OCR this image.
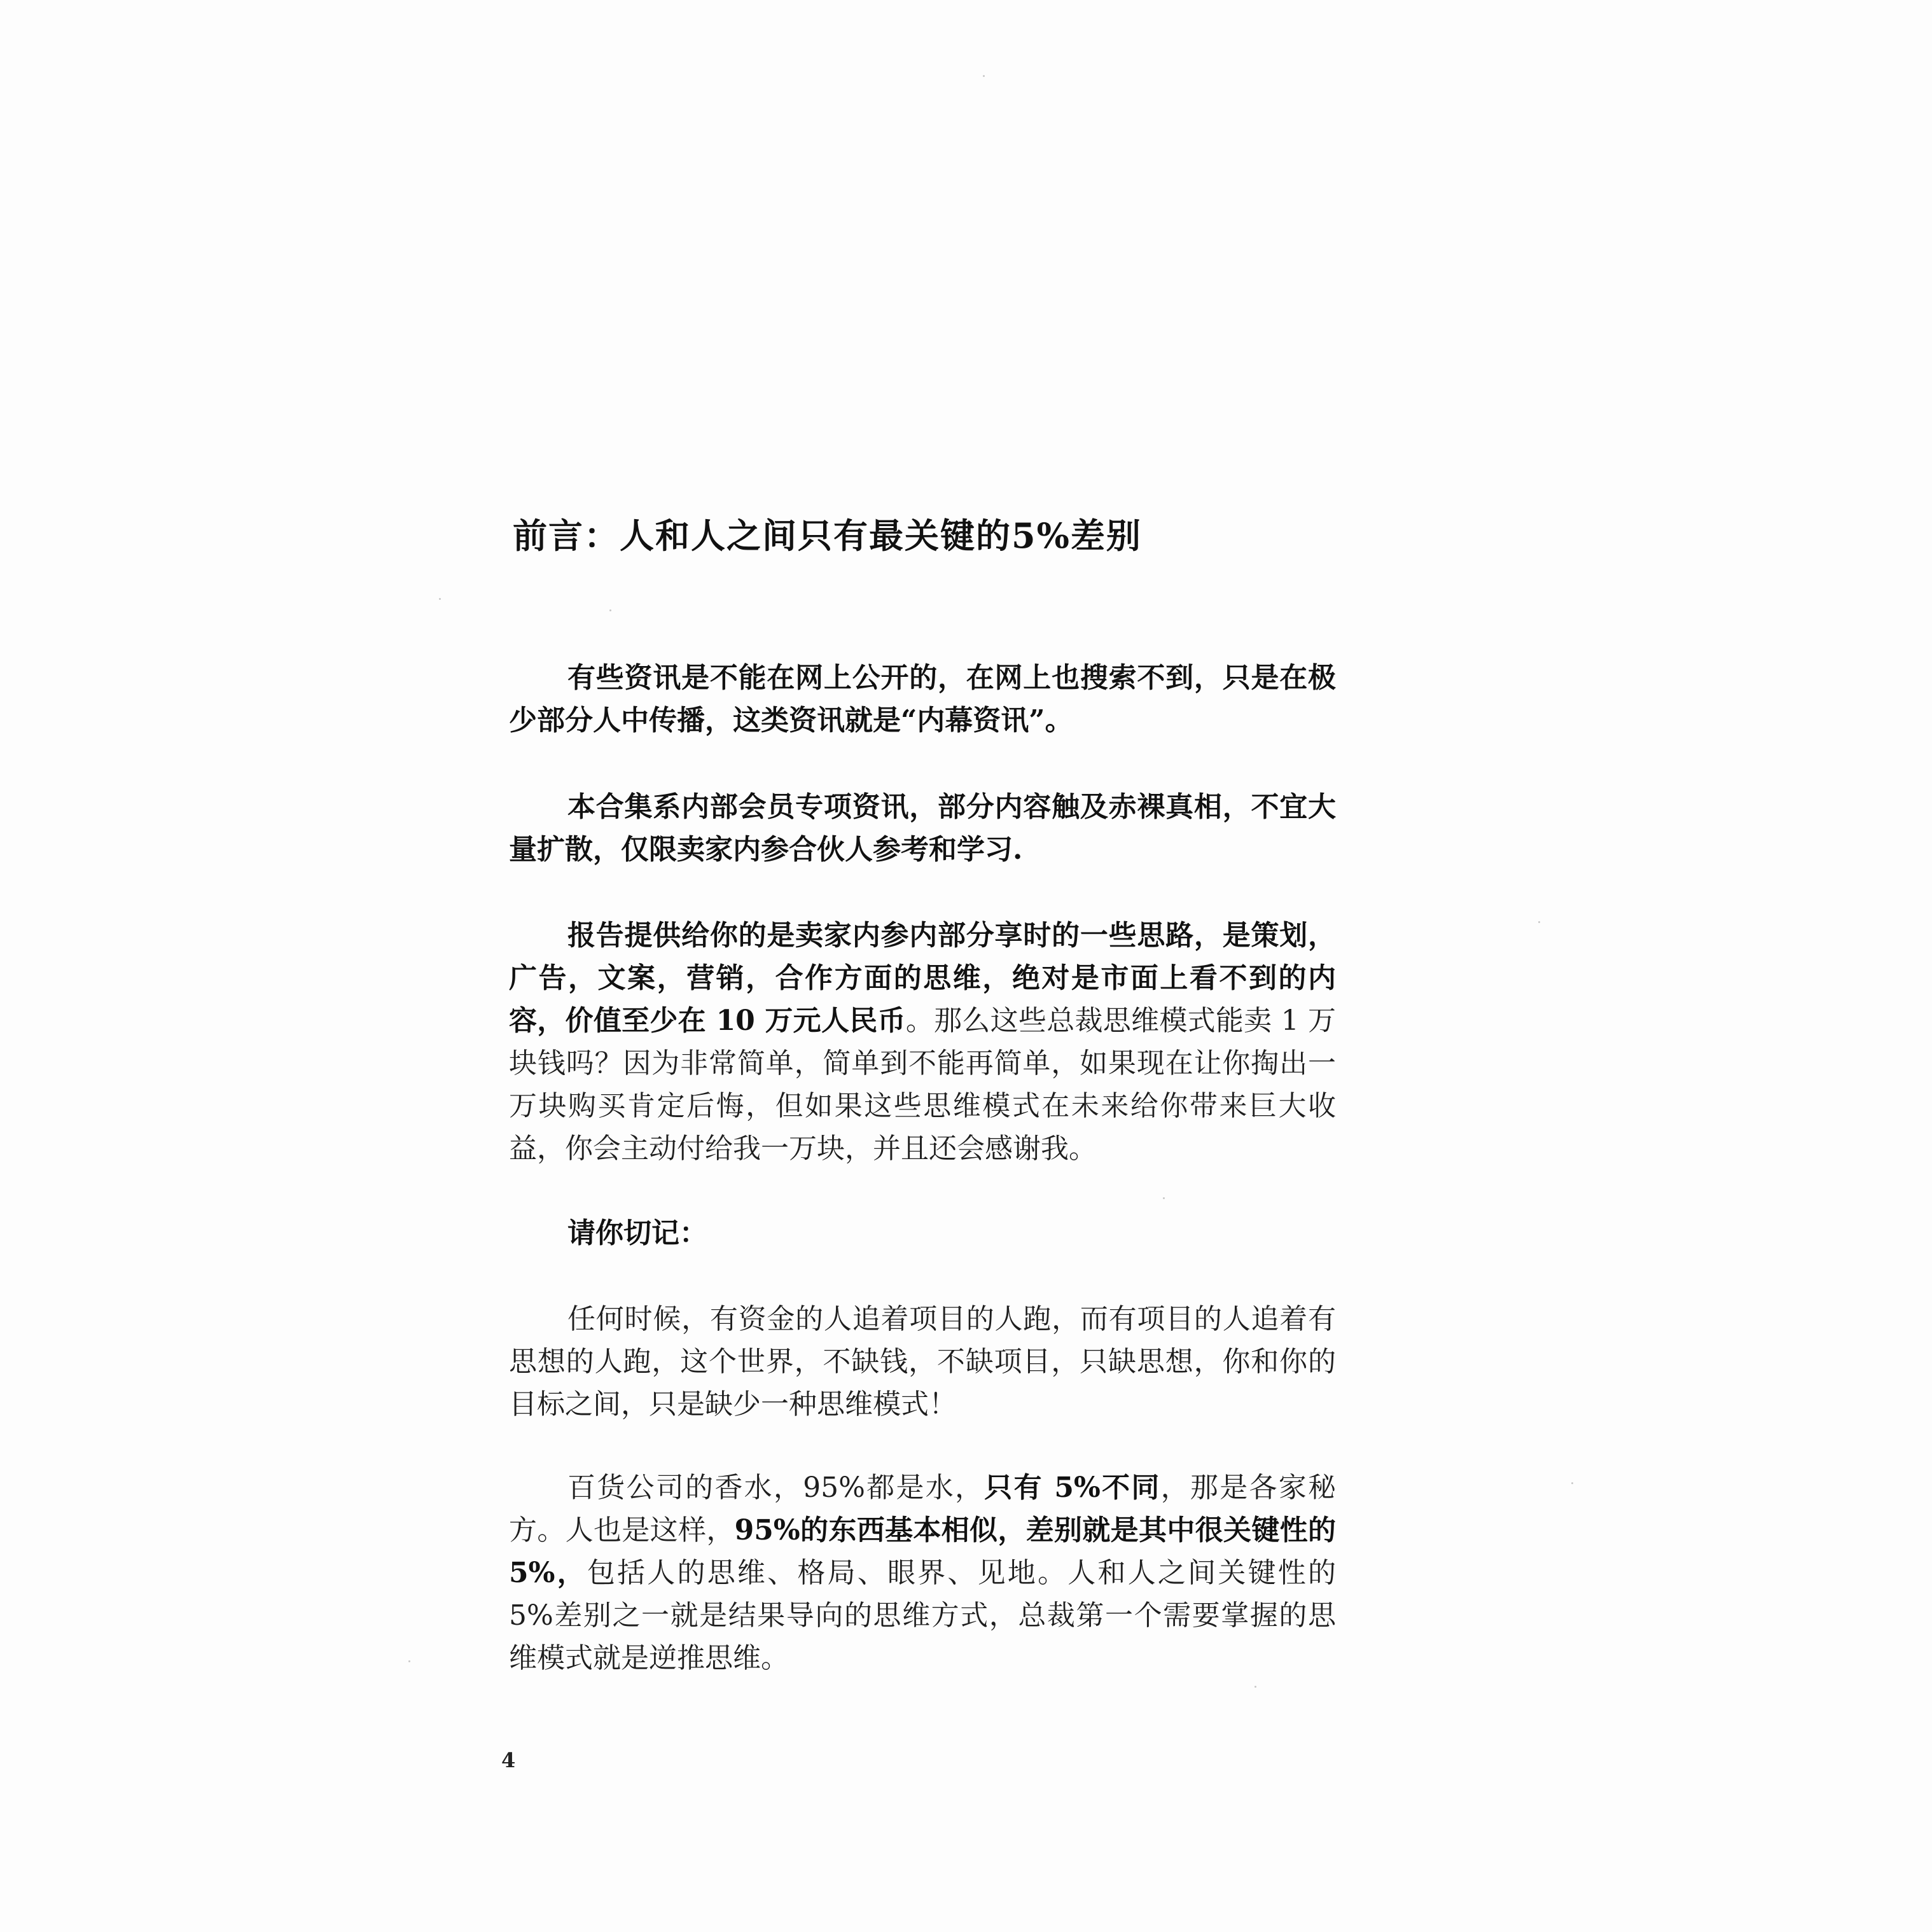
前言：人和人之间只有最关键的5%差别
有些资讯是不能在网上公开的，在网上也搜索不到，只是在极少部分人中传播，这类资讯就是“内幕资讯”。
本合集系内部会员专项资讯，部分内容触及赤裸真相，不宜大量扩散，仅限卖家内参合伙人参考和学习.
报告提供给你的是卖家内参内部分享时的一些思路，是策划，广告，文案，营销，合作方面的思维，绝对是市面上看不到的内容，价值至少在 10 万元人民币。那么这些总裁思维模式能卖 1 万块钱吗？因为非常简单，简单到不能再简单，如果现在让你掏出一万块购买肯定后悔，但如果这些思维模式在未来给你带来巨大收益，你会主动付给我一万块，并且还会感谢我。
请你切记：
任何时候，有资金的人追着项目的人跑，而有项目的人追着有思想的人跑，这个世界，不缺钱，不缺项目，只缺思想，你和你的目标之间，只是缺少一种思维模式！
百货公司的香水，95%都是水，只有 5%不同，那是各家秘方。人也是这样，95%的东西基本相似，差别就是其中很关键性的 5%，包括人的思维、格局、眼界、见地。人和人之间关键性的 5%差别之一就是结果导向的思维方式，总裁第一个需要掌握的思维模式就是逆推思维。
4
